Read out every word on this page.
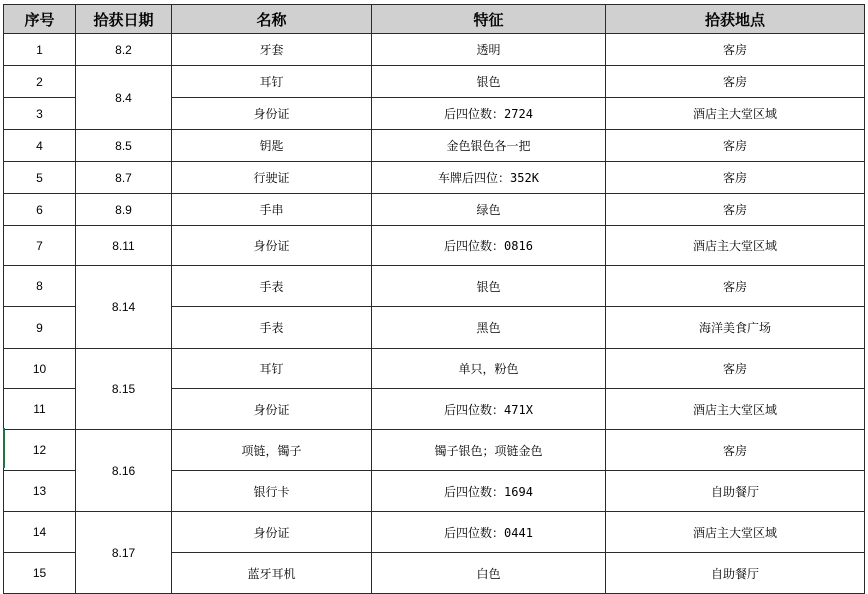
序号	拾获日期	名称	特征	拾获地点
1	8.2	牙套	透明	客房
2	8.4	耳钉	银色	客房
3		身份证	后四位数：2724	酒店主大堂区域
4	8.5	钥匙	金色银色各一把	客房
5	8.7	行驶证	车牌后四位：352K	客房
6	8.9	手串	绿色	客房
7	8.11	身份证	后四位数：0816	酒店主大堂区域
8	8.14	手表	银色	客房
9		手表	黑色	海洋美食广场
10	8.15	耳钉	单只，粉色	客房
11		身份证	后四位数：471X	酒店主大堂区域
12	8.16	项链，镯子	镯子银色；项链金色	客房
13		银行卡	后四位数：1694	自助餐厅
14	8.17	身份证	后四位数：0441	酒店主大堂区域
15		蓝牙耳机	白色	自助餐厅
